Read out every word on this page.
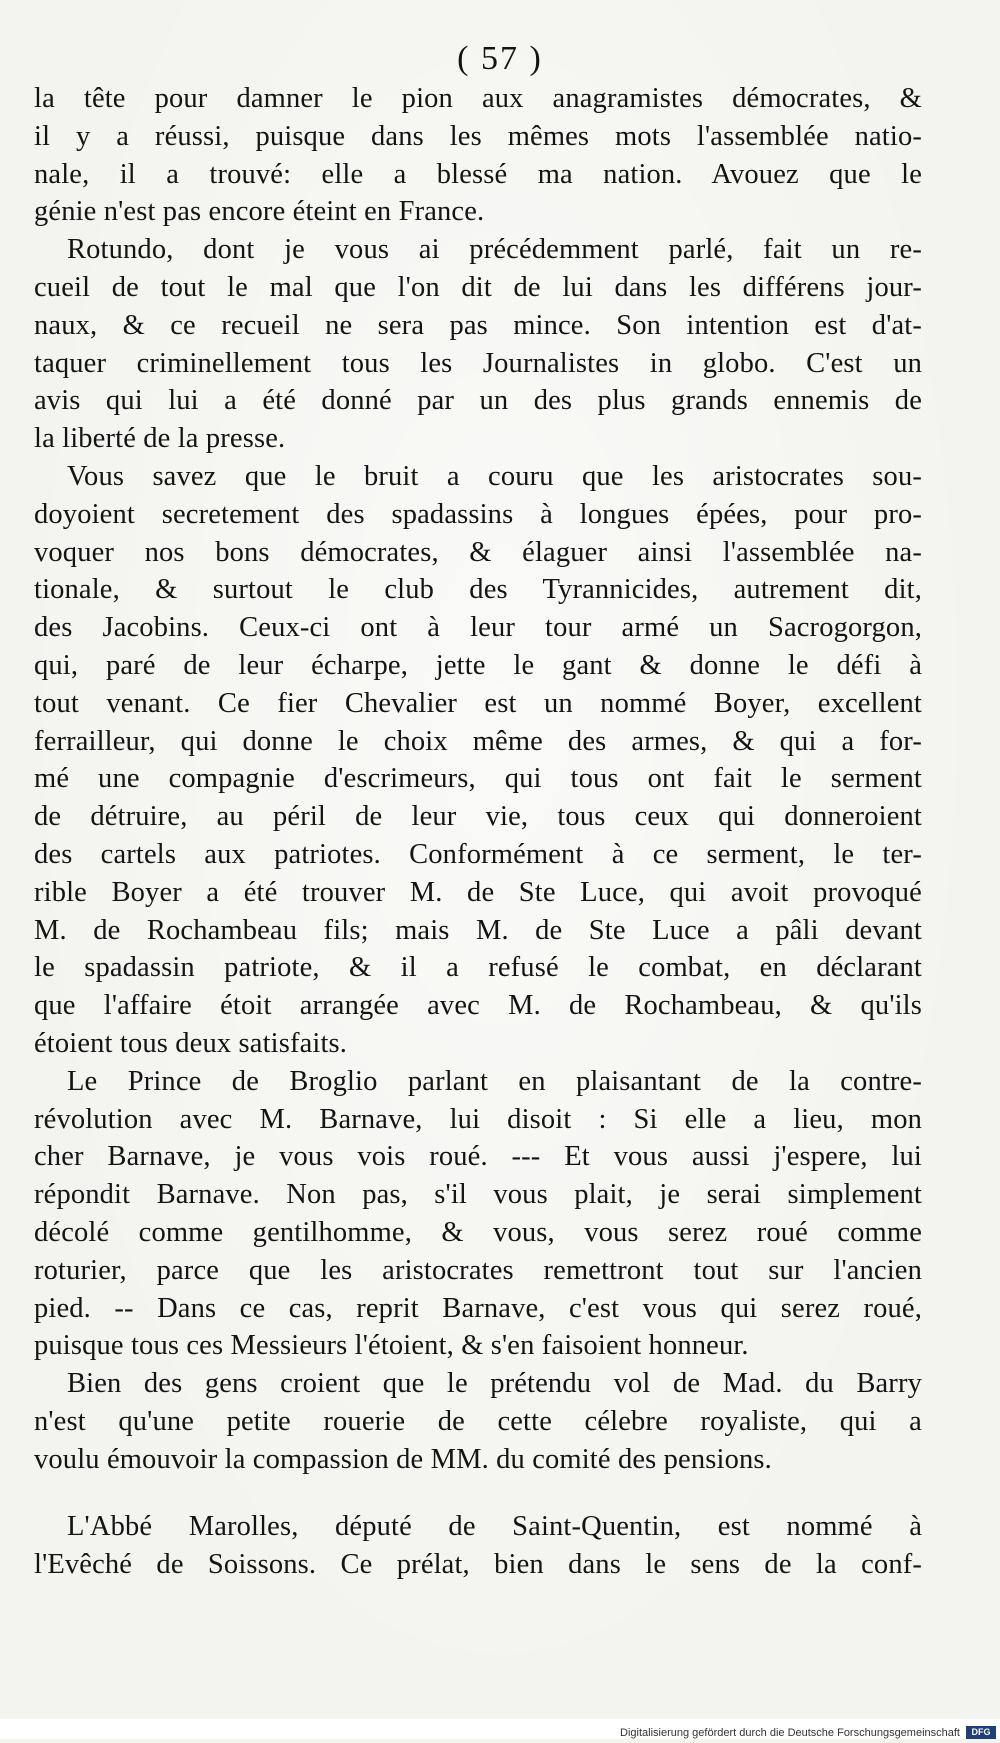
( 57 )
la tête pour damner le pion aux anagramistes démocrates, &
il y a réussi, puisque dans les mêmes mots l'assemblée natio-
nale, il a trouvé: elle a blessé ma nation. Avouez que le
génie n'est pas encore éteint en France.
Rotundo, dont je vous ai précédemment parlé, fait un re-
cueil de tout le mal que l'on dit de lui dans les différens jour-
naux, & ce recueil ne sera pas mince. Son intention est d'at-
taquer criminellement tous les Journalistes in globo. C'est un
avis qui lui a été donné par un des plus grands ennemis de
la liberté de la presse.
Vous savez que le bruit a couru que les aristocrates sou-
doyoient secretement des spadassins à longues épées, pour pro-
voquer nos bons démocrates, & élaguer ainsi l'assemblée na-
tionale, & surtout le club des Tyrannicides, autrement dit,
des Jacobins. Ceux-ci ont à leur tour armé un Sacrogorgon,
qui, paré de leur écharpe, jette le gant & donne le défi à
tout venant. Ce fier Chevalier est un nommé Boyer, excellent
ferrailleur, qui donne le choix même des armes, & qui a for-
mé une compagnie d'escrimeurs, qui tous ont fait le serment
de détruire, au péril de leur vie, tous ceux qui donneroient
des cartels aux patriotes. Conformément à ce serment, le ter-
rible Boyer a été trouver M. de Ste Luce, qui avoit provoqué
M. de Rochambeau fils; mais M. de Ste Luce a pâli devant
le spadassin patriote, & il a refusé le combat, en déclarant
que l'affaire étoit arrangée avec M. de Rochambeau, & qu'ils
étoient tous deux satisfaits.
Le Prince de Broglio parlant en plaisantant de la contre-
révolution avec M. Barnave, lui disoit : Si elle a lieu, mon
cher Barnave, je vous vois roué. --- Et vous aussi j'espere, lui
répondit Barnave. Non pas, s'il vous plait, je serai simplement
décolé comme gentilhomme, & vous, vous serez roué comme
roturier, parce que les aristocrates remettront tout sur l'ancien
pied. -- Dans ce cas, reprit Barnave, c'est vous qui serez roué,
puisque tous ces Messieurs l'étoient, & s'en faisoient honneur.
Bien des gens croient que le prétendu vol de Mad. du Barry
n'est qu'une petite rouerie de cette célebre royaliste, qui a
voulu émouvoir la compassion de MM. du comité des pensions.
L'Abbé Marolles, député de Saint-Quentin, est nommé à
l'Evêché de Soissons. Ce prélat, bien dans le sens de la conf-
Digitalisierung gefördert durch die Deutsche Forschungsgemeinschaft	DFG
